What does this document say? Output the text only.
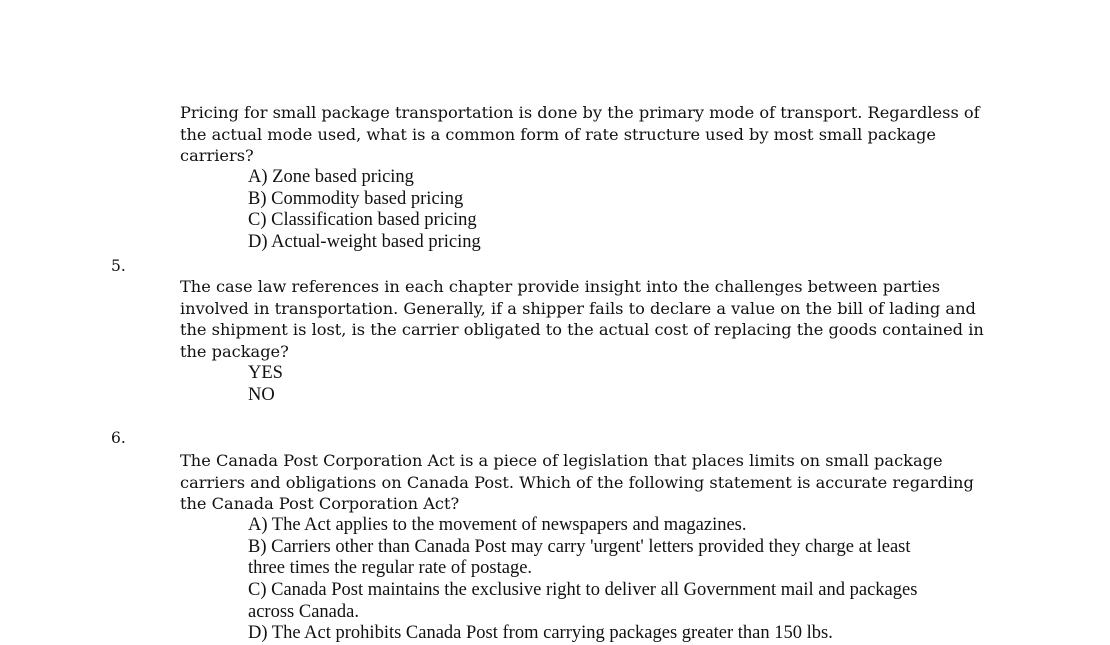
Pricing for small package transportation is done by the primary mode of transport. Regardless of
the actual mode used, what is a common form of rate structure used by most small package
carriers?
A) Zone based pricing
B) Commodity based pricing
C) Classification based pricing
D) Actual-weight based pricing
5.
The case law references in each chapter provide insight into the challenges between parties
involved in transportation. Generally, if a shipper fails to declare a value on the bill of lading and
the shipment is lost, is the carrier obligated to the actual cost of replacing the goods contained in
the package?
YES
NO
6.
The Canada Post Corporation Act is a piece of legislation that places limits on small package
carriers and obligations on Canada Post. Which of the following statement is accurate regarding
the Canada Post Corporation Act?
A) The Act applies to the movement of newspapers and magazines.
B) Carriers other than Canada Post may carry 'urgent' letters provided they charge at least
three times the regular rate of postage.
C) Canada Post maintains the exclusive right to deliver all Government mail and packages
across Canada.
D) The Act prohibits Canada Post from carrying packages greater than 150 lbs.
